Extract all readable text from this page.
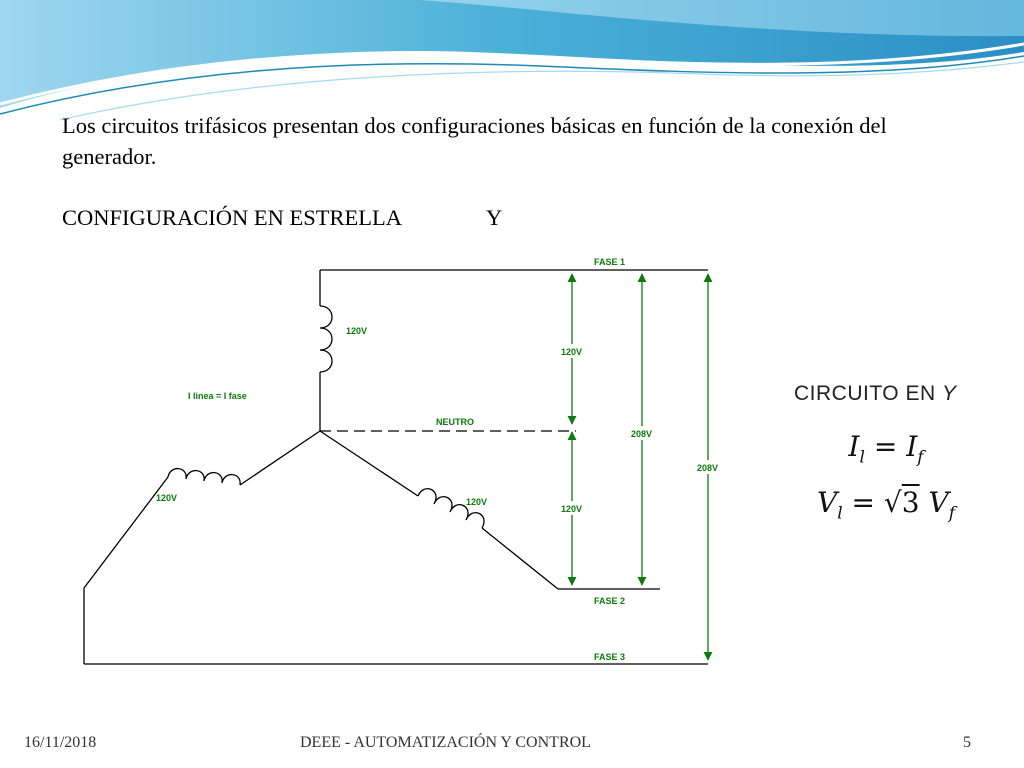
Los circuitos trifásicos presentan dos configuraciones básicas en función de la conexión del generador.

CONFIGURACIÓN EN ESTRELLA	Y
FASE 1
NEUTRO
FASE 2
FASE 3
120V
120V	120V
I linea = I fase
120V
120V
208V
208V
CIRCUITO EN Y
$I_l = I_f$
$V_l = √3$ $V_f$
16/11/2018	DEEE - AUTOMATIZACIÓN Y CONTROL	5
